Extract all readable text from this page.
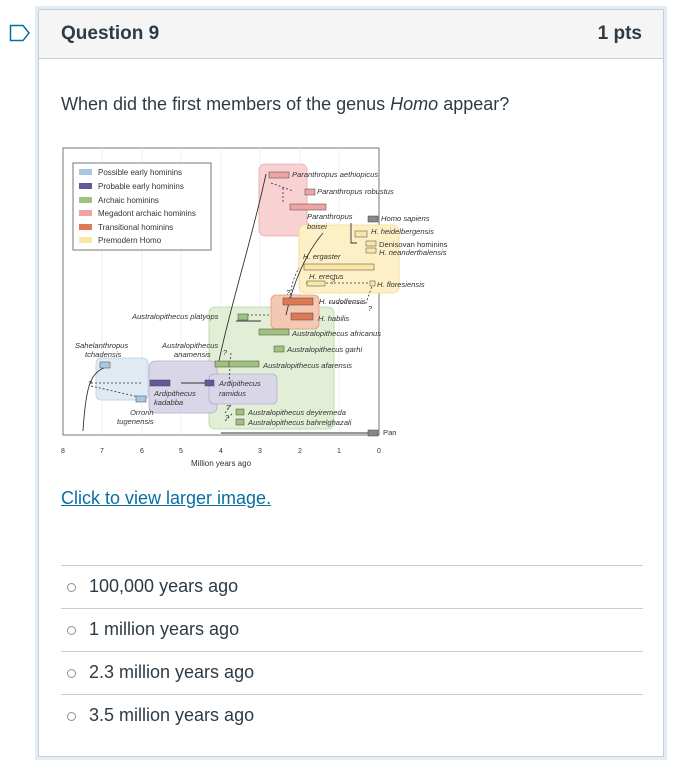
Question 9	1 pts
When did the first members of the genus Homo appear?
Possible early hominins
Probable early hominins
Archaic hominins
Megadont archaic hominins
Transitional hominins
Premodern Homo
?
?
?
?
?
?
?
Paranthropus aethiopicus
Paranthropus robustus
Paranthropus
boisei
Homo sapiens
H. heidelbergensis
Denisovan hominins
H. neanderthalensis
H. ergaster
H. erectus
H. floresiensis
H. rudolfensis
H. habilis
Australopithecus platyops
Australopithecus africanus
Australopithecus garhi
Australopithecus afarensis
Sahelanthropus
tchadensis
Australopithecus
anamensis
Ardipithecus
kadabba
Ardipithecus
ramidus
Orrorin
tugenensis
Australopithecus deyiremeda
Australopithecus bahrelghazali
Pan
8	7	6	5	4	3	2	1	0
Million years ago
Click to view larger image.
100,000 years ago
1 million years ago
2.3 million years ago
3.5 million years ago
